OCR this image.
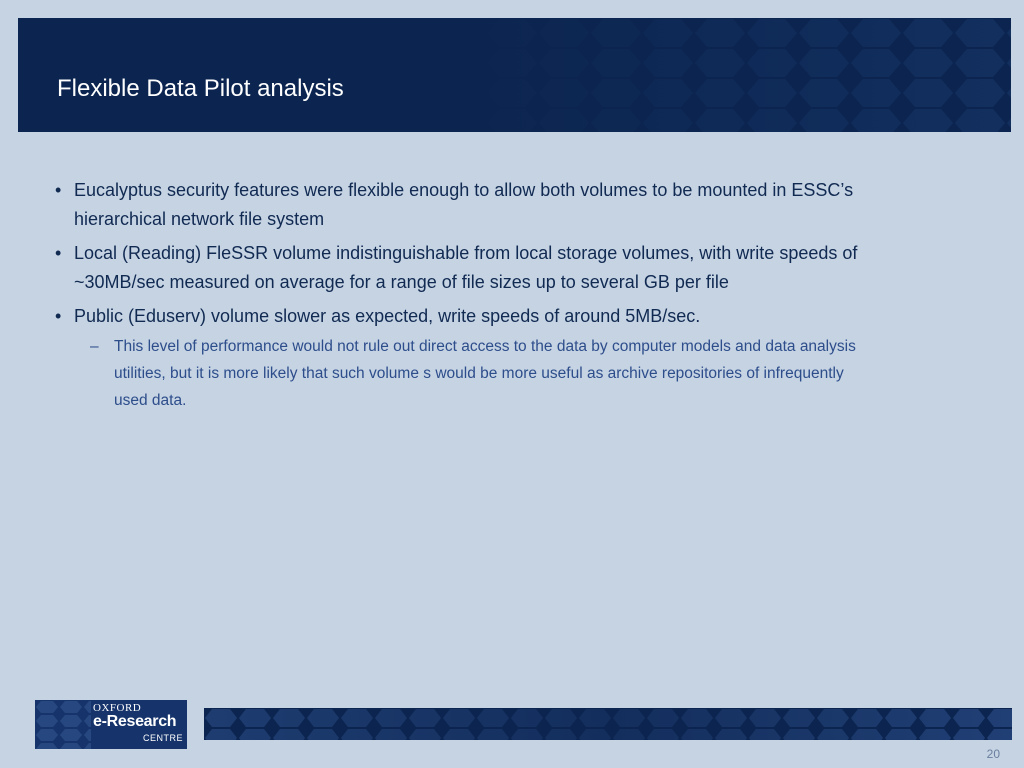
Flexible Data Pilot analysis
• Eucalyptus security features were flexible enough to allow both volumes to be mounted in ESSC’s hierarchical network file system
• Local (Reading) FleSSR volume indistinguishable from local storage volumes, with write speeds of ~30MB/sec measured on average for a range of file sizes up to several GB per file
• Public (Eduserv) volume slower as expected, write speeds of around 5MB/sec.
– This level of performance would not rule out direct access to the data by computer models and data analysis utilities, but it is more likely that such volume s would be more useful as archive repositories of infrequently used data.
OXFORD
e-Research
CENTRE
20
